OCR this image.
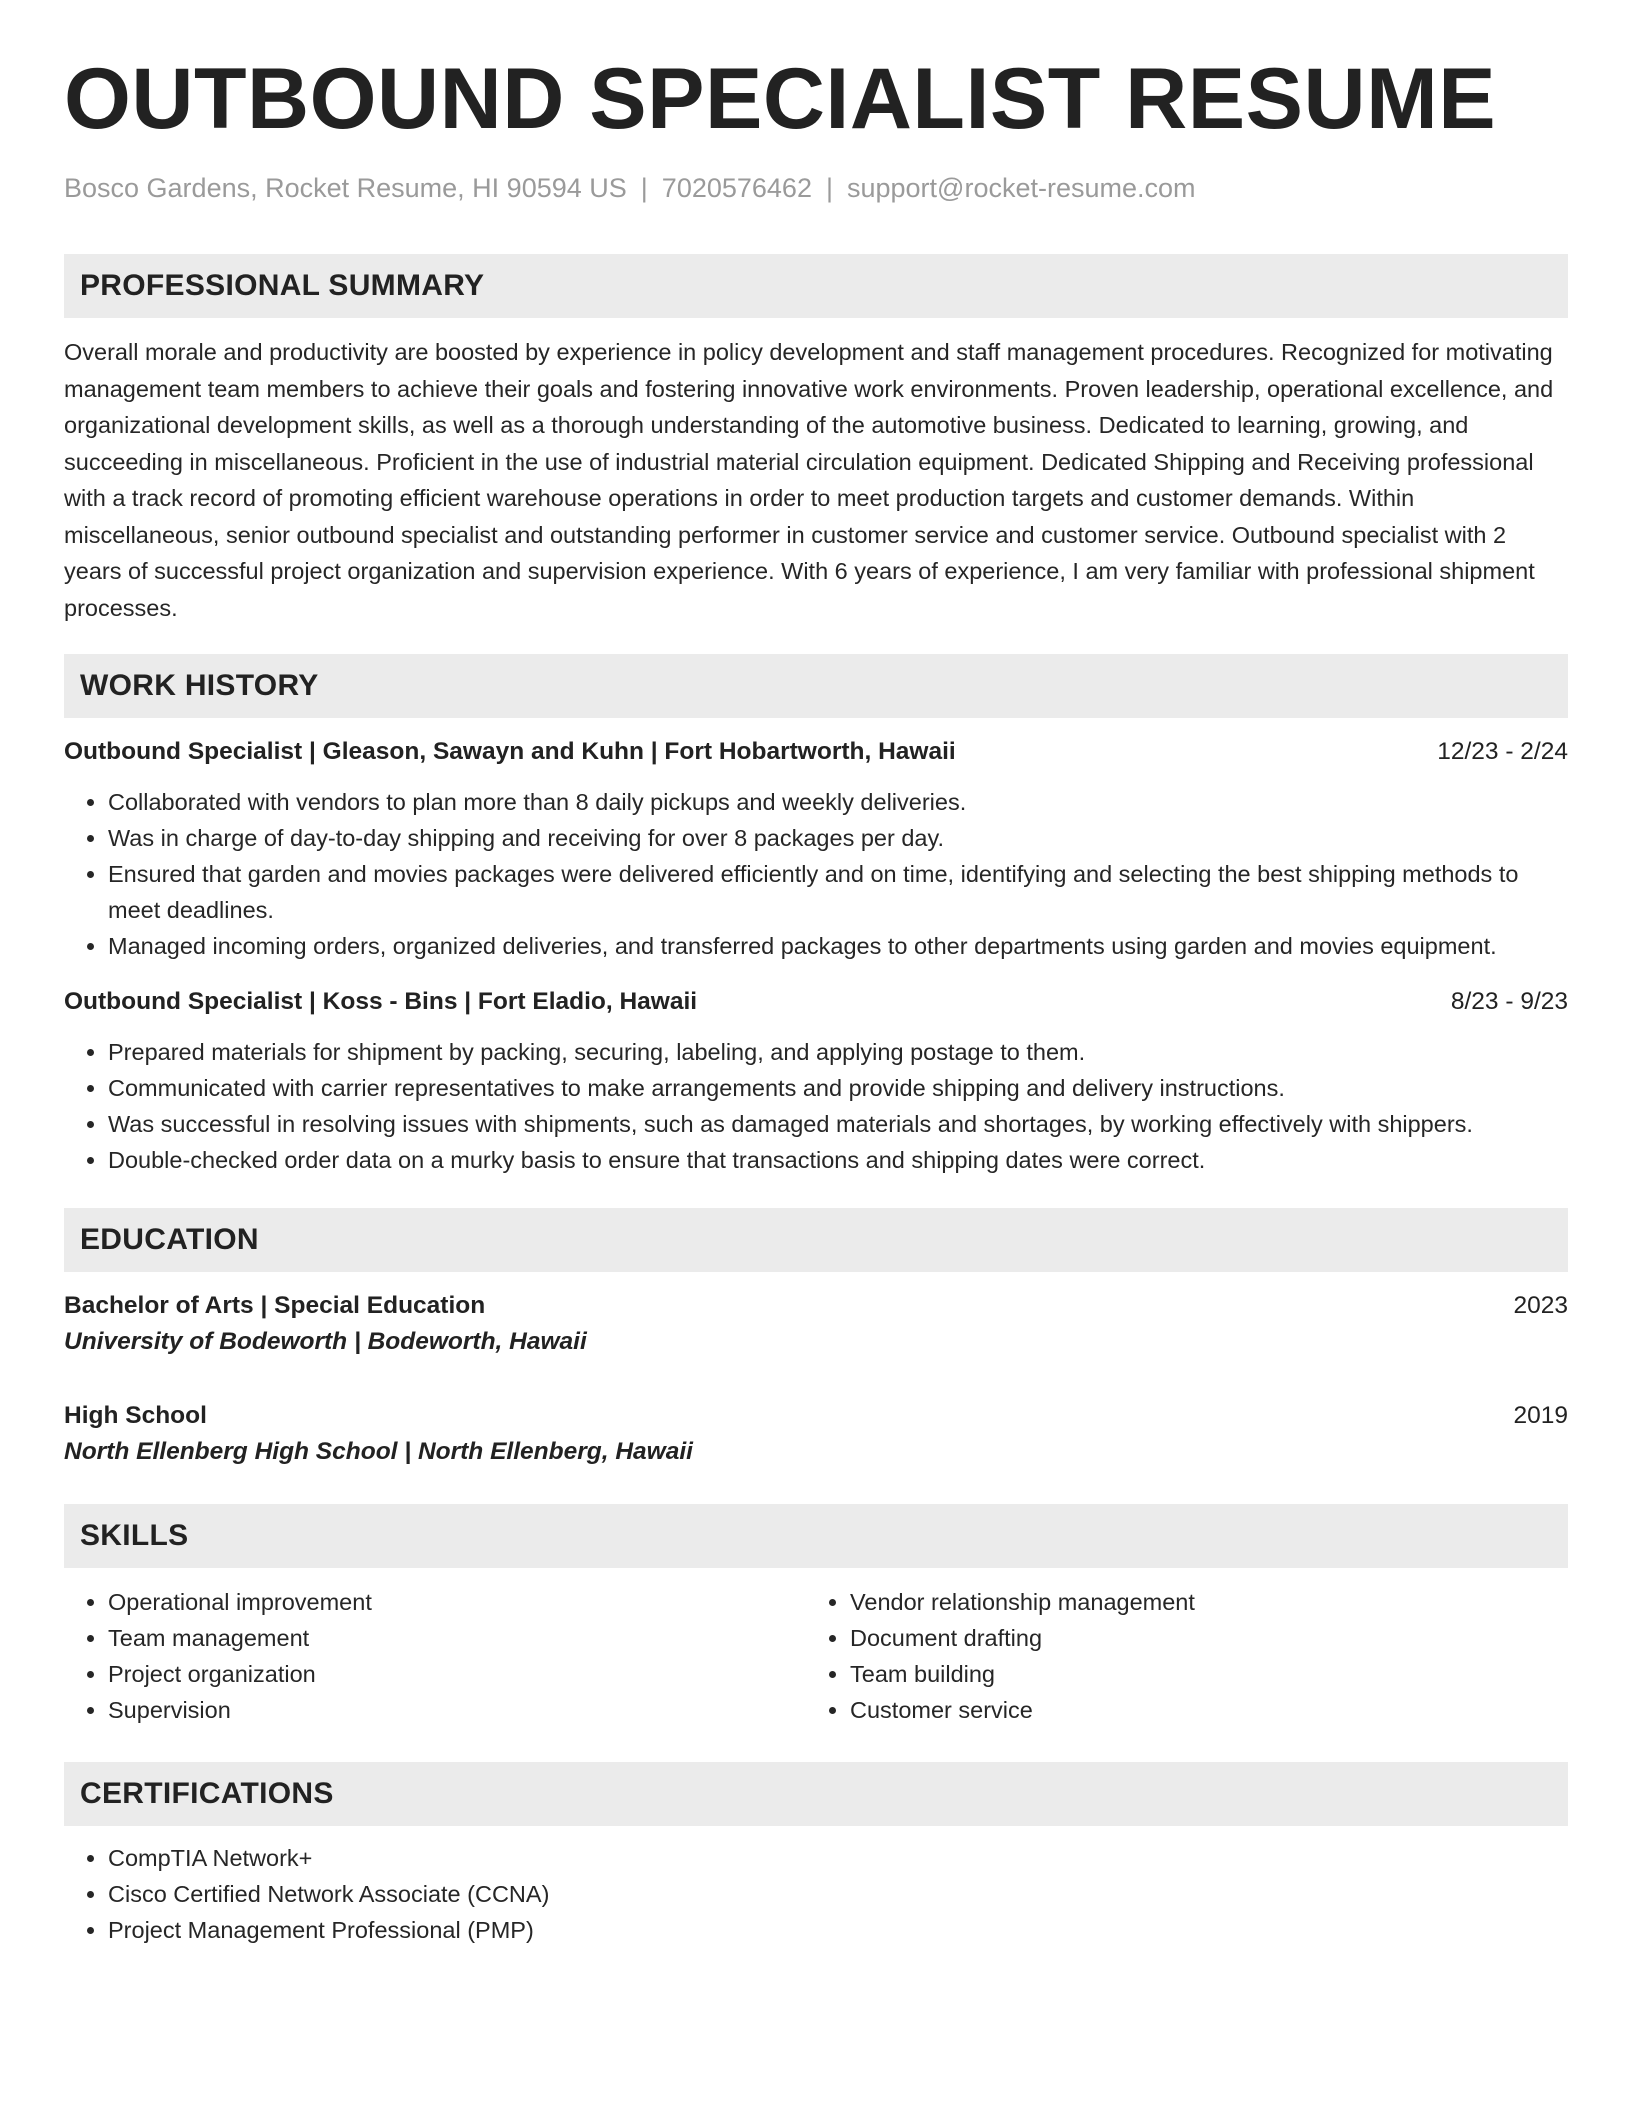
OUTBOUND SPECIALIST RESUME
Bosco Gardens, Rocket Resume, HI 90594 US | 7020576462 | support@rocket-resume.com
PROFESSIONAL SUMMARY
Overall morale and productivity are boosted by experience in policy development and staff management procedures. Recognized for motivating management team members to achieve their goals and fostering innovative work environments. Proven leadership, operational excellence, and organizational development skills, as well as a thorough understanding of the automotive business. Dedicated to learning, growing, and succeeding in miscellaneous. Proficient in the use of industrial material circulation equipment. Dedicated Shipping and Receiving professional with a track record of promoting efficient warehouse operations in order to meet production targets and customer demands. Within miscellaneous, senior outbound specialist and outstanding performer in customer service and customer service. Outbound specialist with 2 years of successful project organization and supervision experience. With 6 years of experience, I am very familiar with professional shipment processes.
WORK HISTORY
Outbound Specialist | Gleason, Sawayn and Kuhn | Fort Hobartworth, Hawaii	12/23 - 2/24
• Collaborated with vendors to plan more than 8 daily pickups and weekly deliveries.
• Was in charge of day-to-day shipping and receiving for over 8 packages per day.
• Ensured that garden and movies packages were delivered efficiently and on time, identifying and selecting the best shipping methods to meet deadlines.
• Managed incoming orders, organized deliveries, and transferred packages to other departments using garden and movies equipment.
Outbound Specialist | Koss - Bins | Fort Eladio, Hawaii	8/23 - 9/23
• Prepared materials for shipment by packing, securing, labeling, and applying postage to them.
• Communicated with carrier representatives to make arrangements and provide shipping and delivery instructions.
• Was successful in resolving issues with shipments, such as damaged materials and shortages, by working effectively with shippers.
• Double-checked order data on a murky basis to ensure that transactions and shipping dates were correct.
EDUCATION
Bachelor of Arts | Special Education	2023
University of Bodeworth | Bodeworth, Hawaii
High School	2019
North Ellenberg High School | North Ellenberg, Hawaii
SKILLS
• Operational improvement
• Team management
• Project organization
• Supervision
• Vendor relationship management
• Document drafting
• Team building
• Customer service
CERTIFICATIONS
• CompTIA Network+
• Cisco Certified Network Associate (CCNA)
• Project Management Professional (PMP)
